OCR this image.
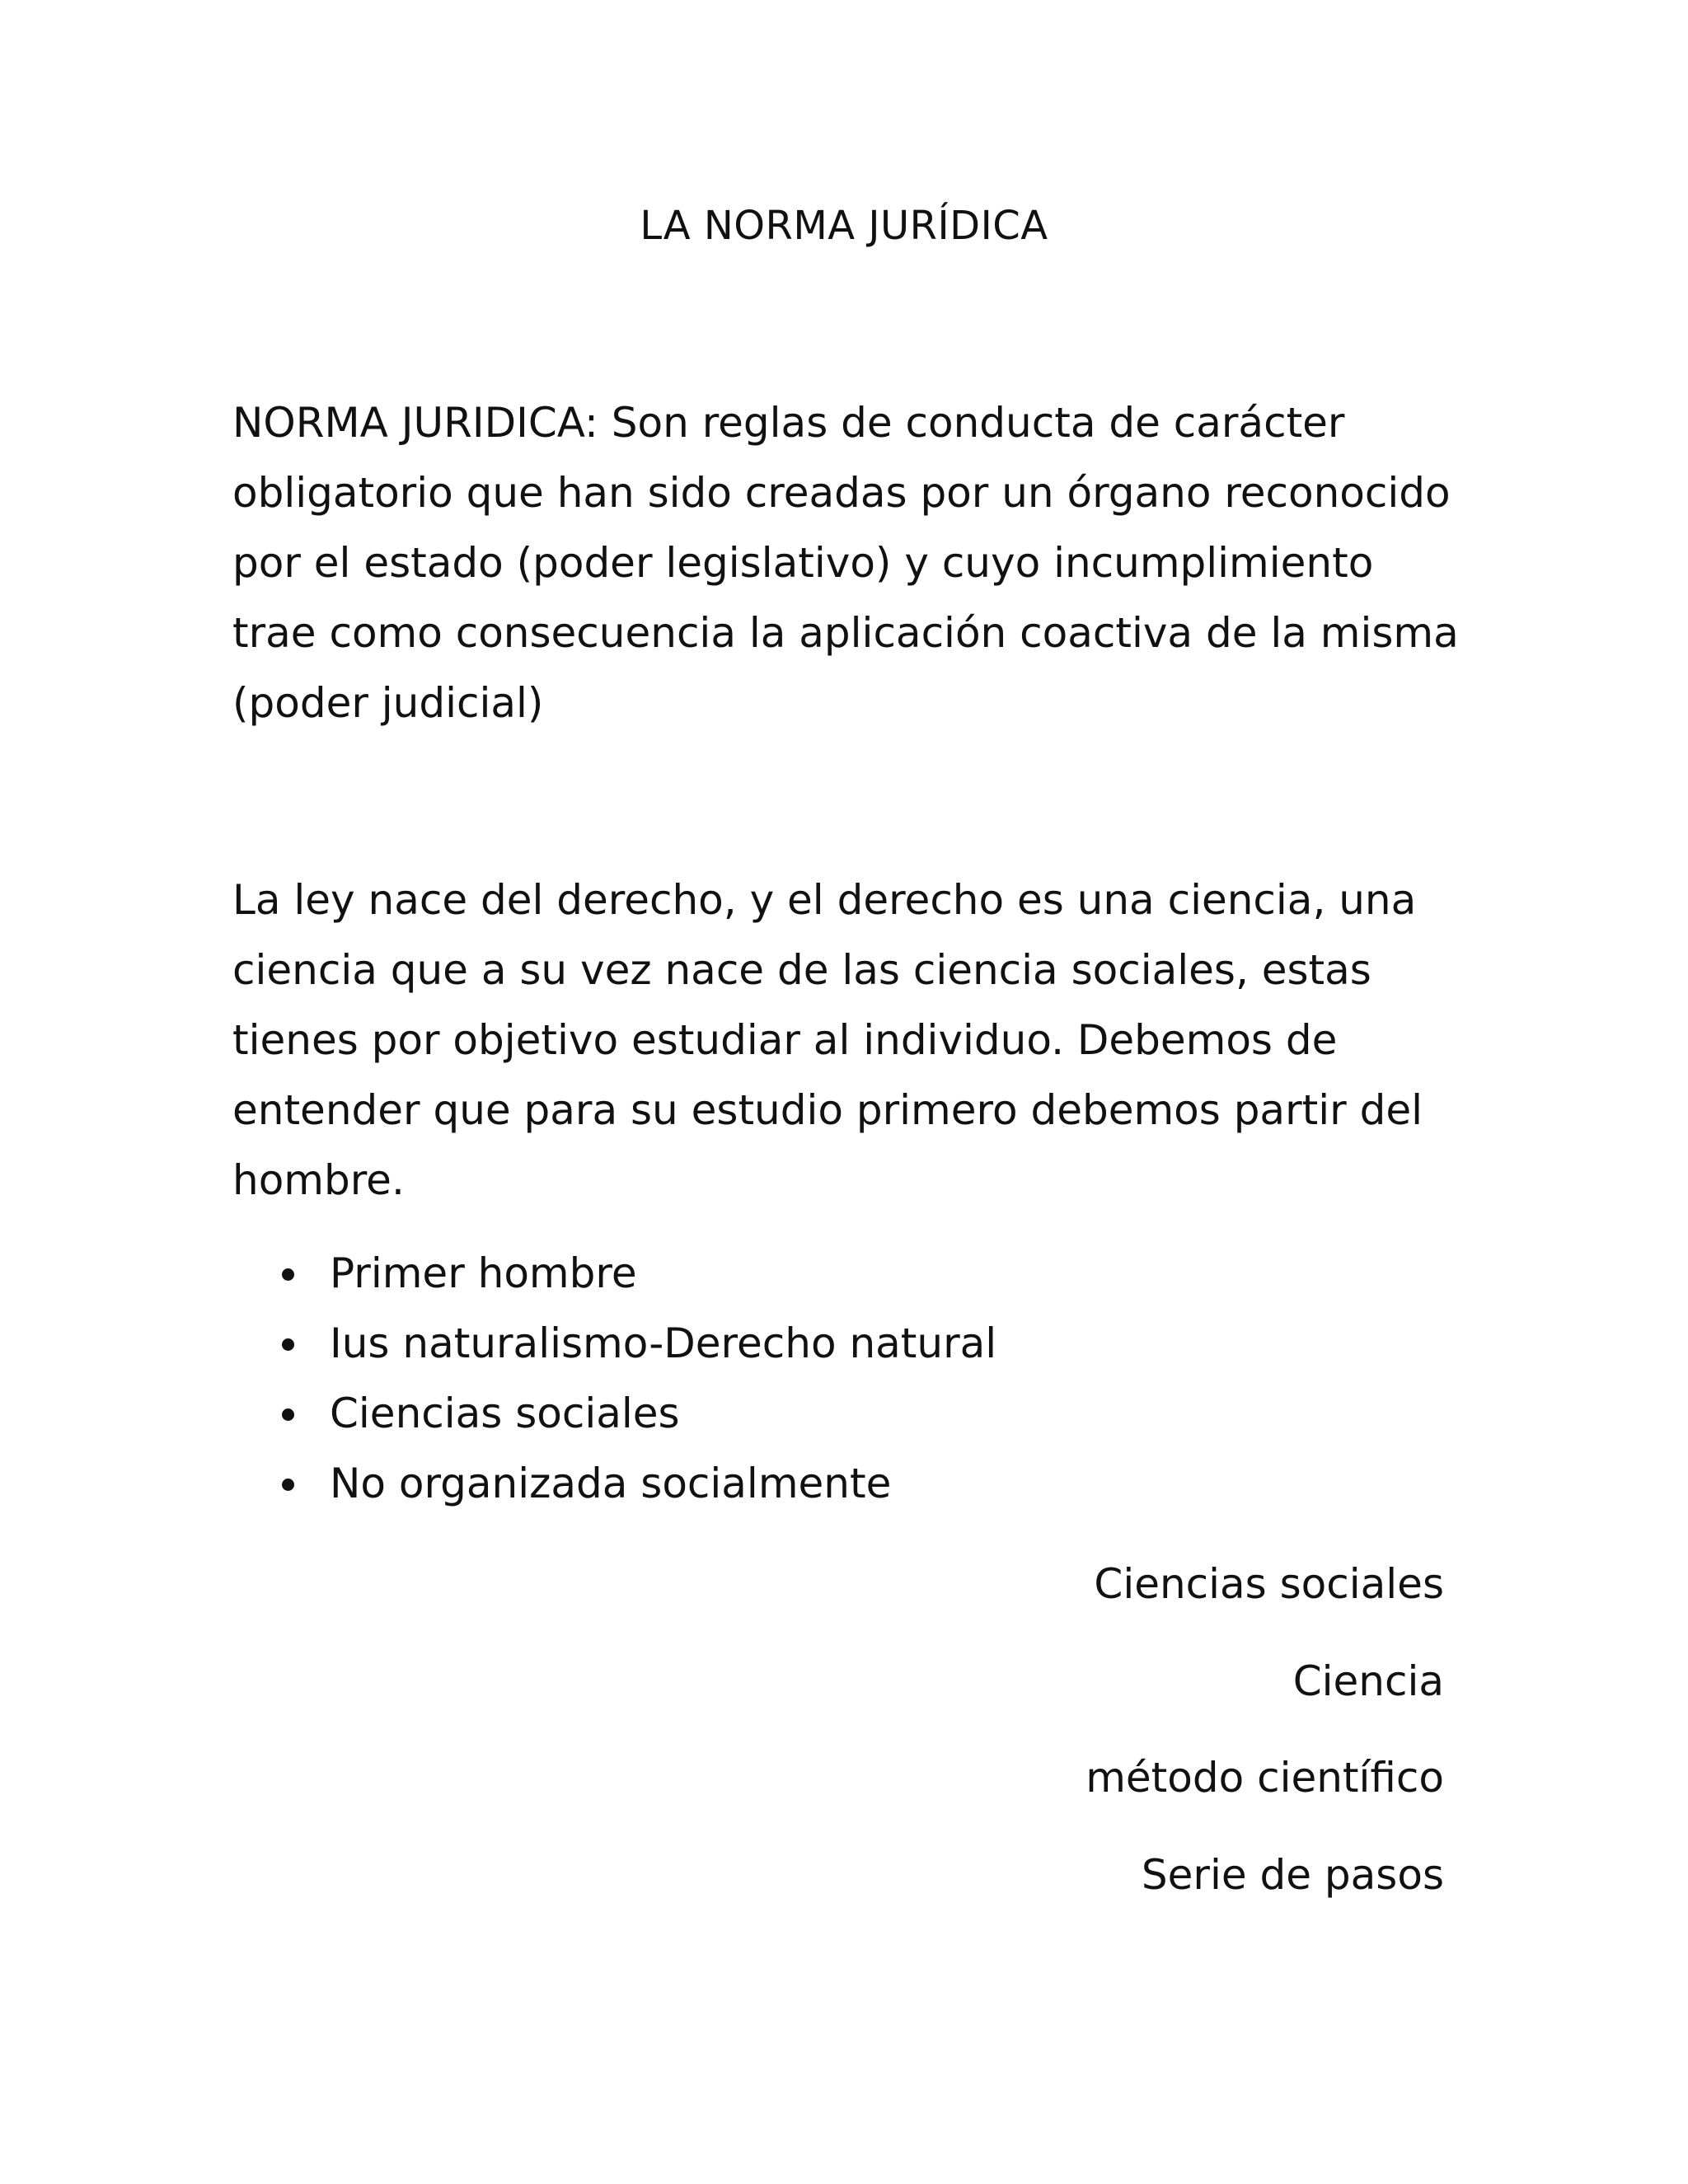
LA NORMA JURÍDICA

NORMA JURIDICA: Son reglas de conducta de carácter obligatorio que han sido creadas por un órgano reconocido por el estado (poder legislativo) y cuyo incumplimiento trae como consecuencia la aplicación coactiva de la misma (poder judicial)

La ley nace del derecho, y el derecho es una ciencia, una ciencia que a su vez nace de las ciencia sociales, estas tienes por objetivo estudiar al individuo. Debemos de entender que para su estudio primero debemos partir del hombre.

Primer hombre
Ius naturalismo-Derecho natural
Ciencias sociales
No organizada socialmente

Ciencias sociales

Ciencia

método científico

Serie de pasos
